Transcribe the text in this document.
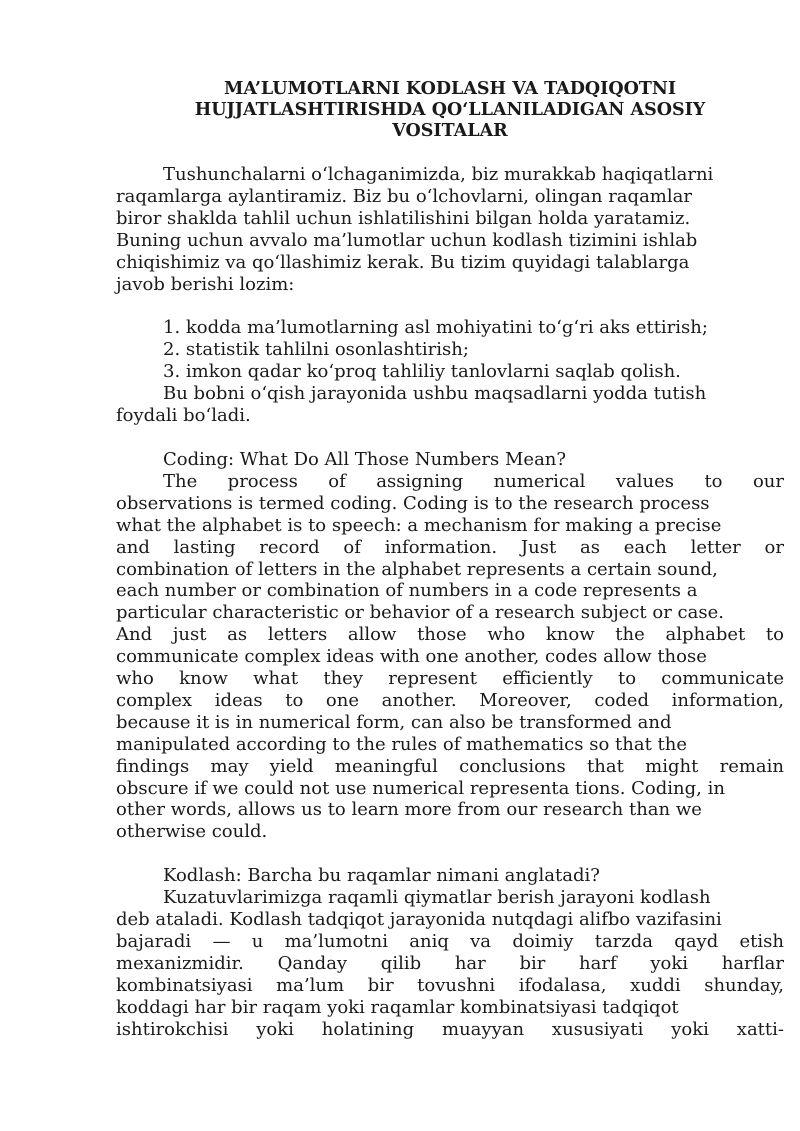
MA’LUMOTLARNI KODLASH VA TADQIQOTNI
HUJJATLASHTIRISHDA QO‘LLANILADIGAN ASOSIY
VOSITALAR
Tushunchalarni o‘lchaganimizda, biz murakkab haqiqatlarni
raqamlarga aylantiramiz. Biz bu o‘lchovlarni, olingan raqamlar
biror shaklda tahlil uchun ishlatilishini bilgan holda yaratamiz.
Buning uchun avvalo ma’lumotlar uchun kodlash tizimini ishlab
chiqishimiz va qo‘llashimiz kerak. Bu tizim quyidagi talablarga
javob berishi lozim:
1. kodda ma’lumotlarning asl mohiyatini to‘g‘ri aks ettirish;
2. statistik tahlilni osonlashtirish;
3. imkon qadar ko‘proq tahliliy tanlovlarni saqlab qolish.
Bu bobni o‘qish jarayonida ushbu maqsadlarni yodda tutish
foydali bo‘ladi.
Coding: What Do All Those Numbers Mean?
The process of assigning numerical values to our
observations is termed coding. Coding is to the research process
what the alphabet is to speech: a mechanism for making a precise
and lasting record of information. Just as each letter or
combination of letters in the alphabet represents a certain sound,
each number or combination of numbers in a code represents a
particular characteristic or behavior of a research subject or case.
And just as letters allow those who know the alphabet to
communicate complex ideas with one another, codes allow those
who know what they represent efficiently to communicate
complex ideas to one another. Moreover, coded information,
because it is in numerical form, can also be transformed and
manipulated according to the rules of mathematics so that the
findings may yield meaningful conclusions that might remain
obscure if we could not use numerical representa tions. Coding, in
other words, allows us to learn more from our research than we
otherwise could.
Kodlash: Barcha bu raqamlar nimani anglatadi?
Kuzatuvlarimizga raqamli qiymatlar berish jarayoni kodlash
deb ataladi. Kodlash tadqiqot jarayonida nutqdagi alifbo vazifasini
bajaradi — u ma’lumotni aniq va doimiy tarzda qayd etish
mexanizmidir. Qanday qilib har bir harf yoki harflar
kombinatsiyasi ma’lum bir tovushni ifodalasa, xuddi shunday,
koddagi har bir raqam yoki raqamlar kombinatsiyasi tadqiqot
ishtirokchisi yoki holatining muayyan xususiyati yoki xatti-
